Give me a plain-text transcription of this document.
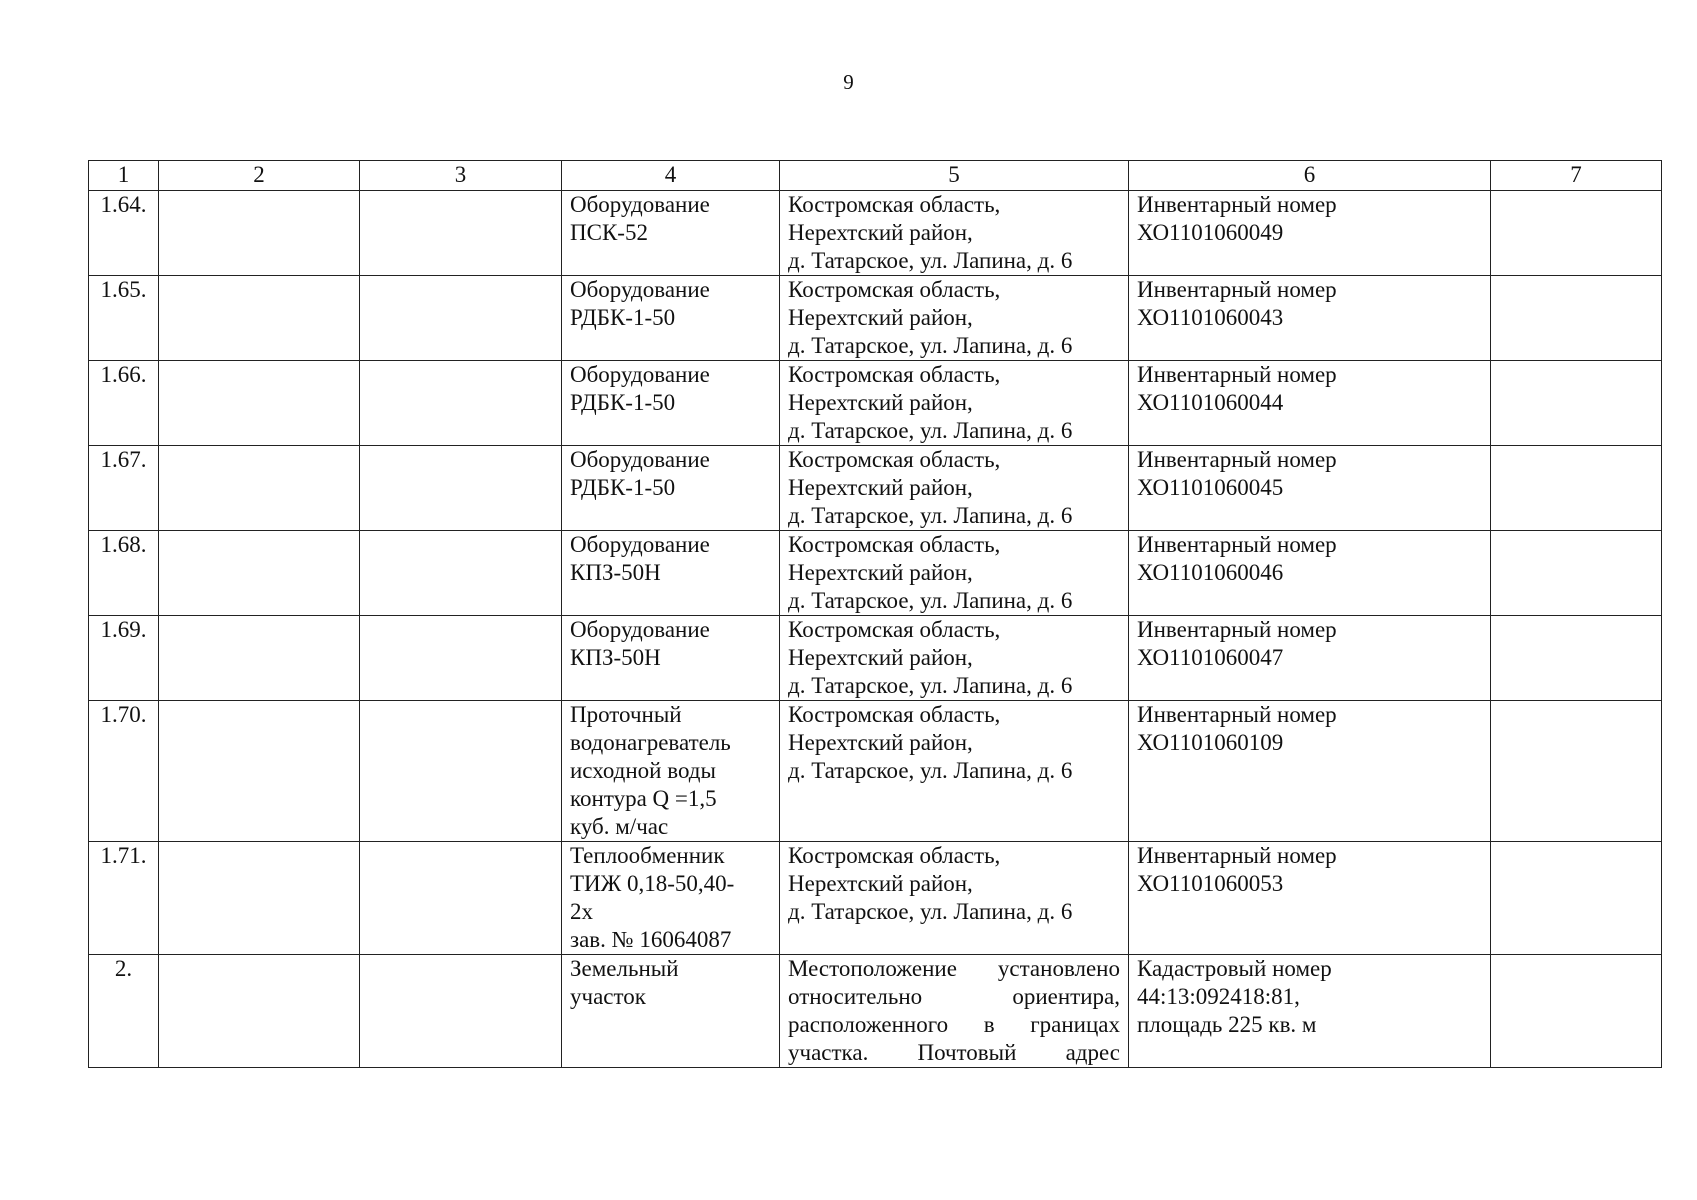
9
1	2	3	4	5	6	7
1.64.			Оборудование
ПСК-52	Костромская область,
Нерехтский район,
д. Татарское, ул. Лапина, д. 6	Инвентарный номер
ХО1101060049	
1.65.			Оборудование
РДБК-1-50	Костромская область,
Нерехтский район,
д. Татарское, ул. Лапина, д. 6	Инвентарный номер
ХО1101060043	
1.66.			Оборудование
РДБК-1-50	Костромская область,
Нерехтский район,
д. Татарское, ул. Лапина, д. 6	Инвентарный номер
ХО1101060044	
1.67.			Оборудование
РДБК-1-50	Костромская область,
Нерехтский район,
д. Татарское, ул. Лапина, д. 6	Инвентарный номер
ХО1101060045	
1.68.			Оборудование
КПЗ-50Н	Костромская область,
Нерехтский район,
д. Татарское, ул. Лапина, д. 6	Инвентарный номер
ХО1101060046	
1.69.			Оборудование
КПЗ-50Н	Костромская область,
Нерехтский район,
д. Татарское, ул. Лапина, д. 6	Инвентарный номер
ХО1101060047	
1.70.			Проточный
водонагреватель
исходной воды
контура Q =1,5
куб. м/час	Костромская область,
Нерехтский район,
д. Татарское, ул. Лапина, д. 6	Инвентарный номер
ХО1101060109	
1.71.			Теплообменник
ТИЖ 0,18-50,40-
2х
зав. № 16064087	Костромская область,
Нерехтский район,
д. Татарское, ул. Лапина, д. 6	Инвентарный номер
ХО1101060053	
2.			Земельный
участок	Местоположение установлено
относительно ориентира,
расположенного в границах
участка. Почтовый адрес	Кадастровый номер
44:13:092418:81,
площадь 225 кв. м	
